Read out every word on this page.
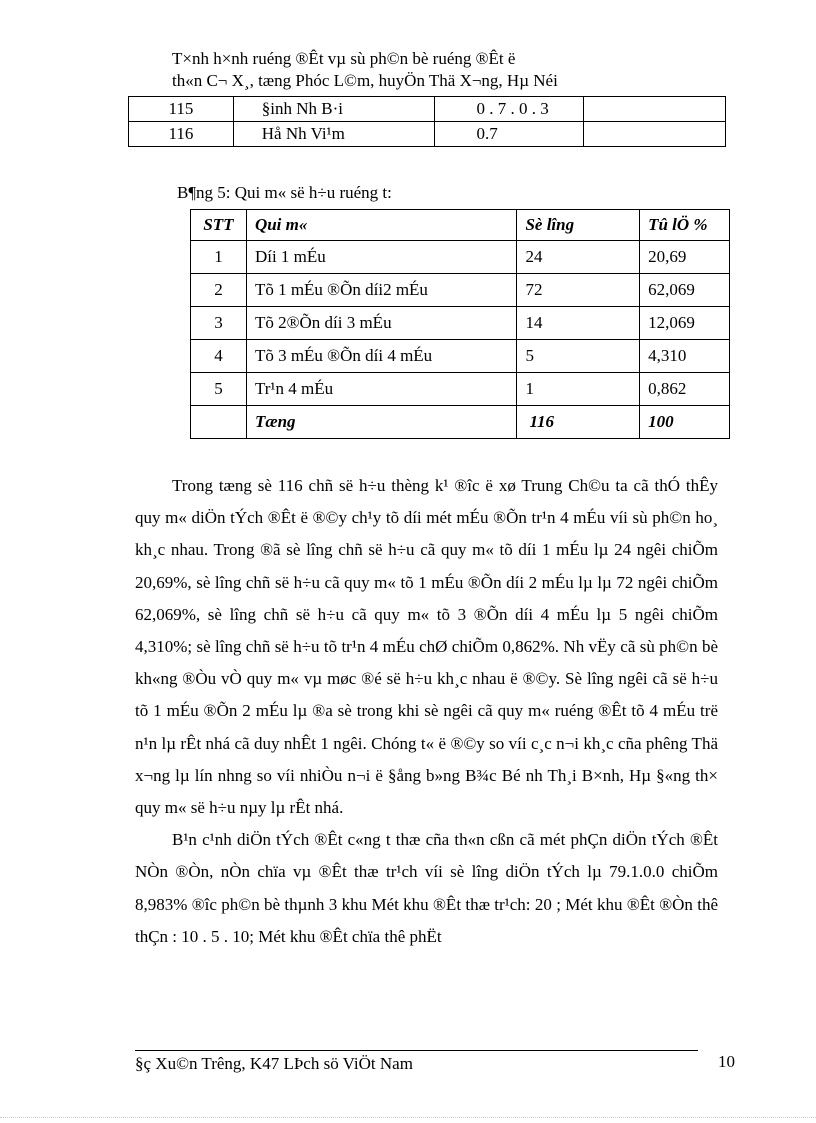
T×nh h×nh ruéng ®Êt vµ sù ph©n bè ruéng ®Êt ë
th«n C¬ X¸, tæng Phóc L©m, huyÖn Thä X¬ng, Hµ Néi
115	§inh Nh B·i	0 . 7 . 0 . 3	
116	Hå Nh Vi¹m	0.7	
B¶ng 5: Qui m« së h÷u ruéng t:
STT	Qui m«	Sè lîng	Tû lÖ %
1	Díi 1 mÉu	24	20,69
2	Tõ 1 mÉu ®Õn díi2 mÉu	72	62,069
3	Tõ 2®Õn díi 3 mÉu	14	12,069
4	Tõ 3 mÉu ®Õn díi 4 mÉu	5	4,310
5	Tr¹n 4 mÉu	1	0,862
	Tæng	116	100

Trong tæng sè 116 chñ së h÷u thèng k¹ ®îc ë xø Trung Ch©u ta cã thÓ thÊy quy m« diÖn tÝch ®Êt ë ®©y ch¹y tõ díi mét mÉu ®Õn tr¹n 4 mÉu víi sù ph©n ho¸ kh¸c nhau. Trong ®ã sè lîng chñ së h÷u cã quy m« tõ díi 1 mÉu lµ 24 ngêi chiÕm 20,69%, sè lîng chñ së h÷u cã quy m« tõ 1 mÉu ®Õn díi 2 mÉu lµ lµ 72 ngêi chiÕm 62,069%, sè lîng chñ së h÷u cã quy m« tõ 3 ®Õn díi 4 mÉu lµ 5 ngêi chiÕm 4,310%; sè lîng chñ së h÷u tõ tr¹n 4 mÉu chØ chiÕm 0,862%. Nh vËy cã sù ph©n bè kh«ng ®Òu vÒ quy m« vµ møc ®é së h÷u kh¸c nhau ë ®©y. Sè lîng ngêi cã së h÷u tõ 1 mÉu ®Õn 2 mÉu lµ ®a sè trong khi sè ngêi cã quy m« ruéng ®Êt tõ 4 mÉu trë n¹n lµ rÊt nhá cã duy nhÊt 1 ngêi. Chóng t« ë ®©y so víi c¸c n¬i kh¸c cña phêng Thä x¬ng lµ lín nhng so víi nhiÒu n¬i ë §ång b»ng B¾c Bé nh Th¸i B×nh, Hµ §«ng th× quy m« së h÷u nµy lµ rÊt nhá.

B¹n c¹nh diÖn tÝch ®Êt c«ng t thæ cña th«n cßn cã mét phÇn diÖn tÝch ®Êt NÒn ®Òn, nÒn chïa vµ ®Êt thæ tr¹ch víi sè lîng diÖn tÝch lµ 79.1.0.0 chiÕm 8,983% ®îc ph©n bè thµnh 3 khu Mét khu ®Êt thæ tr¹ch: 20 ; Mét khu ®Êt ®Òn thê thÇn : 10 . 5 . 10; Mét khu ®Êt chïa thê phËt

§ç Xu©n Trêng, K47 LÞch sö ViÖt Nam	10
